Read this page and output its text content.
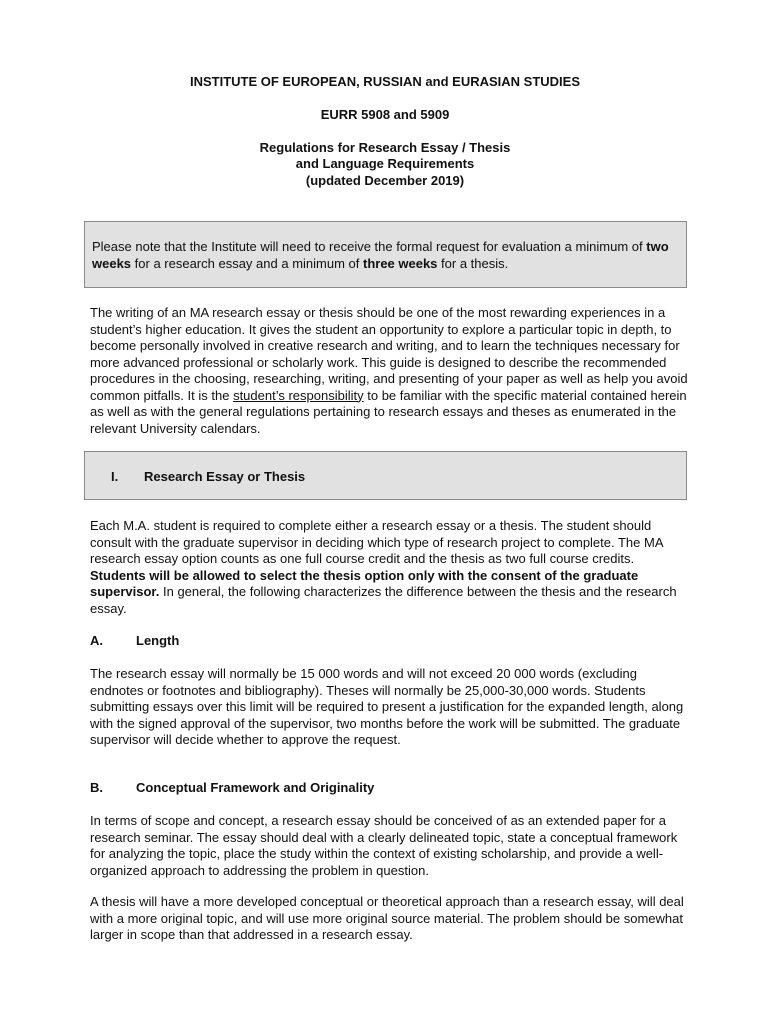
INSTITUTE OF EUROPEAN, RUSSIAN and EURASIAN STUDIES
EURR 5908 and 5909
Regulations for Research Essay / Thesis
and Language Requirements
(updated December 2019)

Please note that the Institute will need to receive the formal request for evaluation a minimum of two weeks for a research essay and a minimum of three weeks for a thesis.

The writing of an MA research essay or thesis should be one of the most rewarding experiences in a student’s higher education. It gives the student an opportunity to explore a particular topic in depth, to become personally involved in creative research and writing, and to learn the techniques necessary for more advanced professional or scholarly work. This guide is designed to describe the recommended procedures in the choosing, researching, writing, and presenting of your paper as well as help you avoid common pitfalls. It is the student’s responsibility to be familiar with the specific material contained herein as well as with the general regulations pertaining to research essays and theses as enumerated in the relevant University calendars.

I. Research Essay or Thesis

Each M.A. student is required to complete either a research essay or a thesis. The student should consult with the graduate supervisor in deciding which type of research project to complete. The MA research essay option counts as one full course credit and the thesis as two full course credits. Students will be allowed to select the thesis option only with the consent of the graduate supervisor. In general, the following characterizes the difference between the thesis and the research essay.

A.	Length

The research essay will normally be 15 000 words and will not exceed 20 000 words (excluding endnotes or footnotes and bibliography). Theses will normally be 25,000-30,000 words. Students submitting essays over this limit will be required to present a justification for the expanded length, along with the signed approval of the supervisor, two months before the work will be submitted. The graduate supervisor will decide whether to approve the request.

B.	Conceptual Framework and Originality

In terms of scope and concept, a research essay should be conceived of as an extended paper for a research seminar. The essay should deal with a clearly delineated topic, state a conceptual framework for analyzing the topic, place the study within the context of existing scholarship, and provide a well-organized approach to addressing the problem in question.

A thesis will have a more developed conceptual or theoretical approach than a research essay, will deal with a more original topic, and will use more original source material. The problem should be somewhat larger in scope than that addressed in a research essay.
